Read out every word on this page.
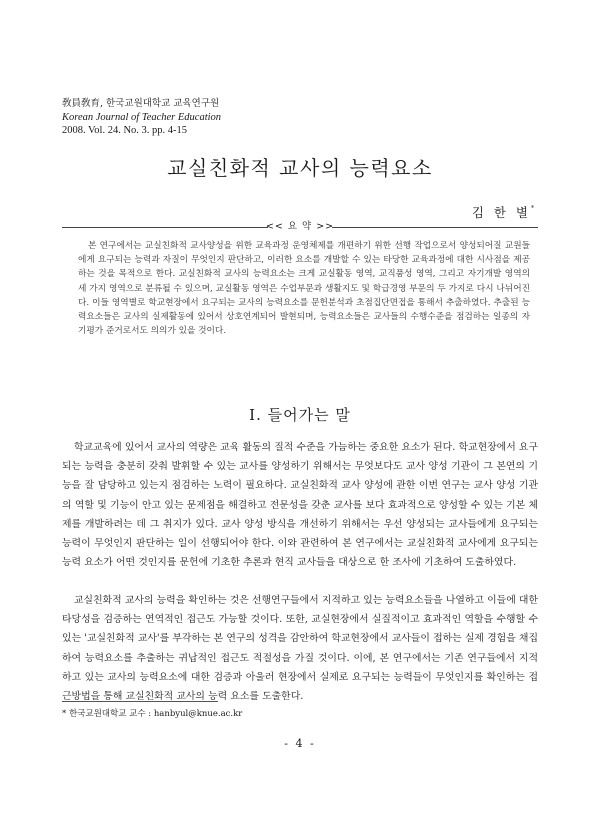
敎員敎育, 한국교원대학교 교육연구원
Korean Journal of Teacher Education
2008. Vol. 24. No. 3. pp. 4-15
교실친화적 교사의 능력요소
김 한 별*
<< 요 약 >>
본 연구에서는 교실친화적 교사양성을 위한 교육과정 운영체제를 개편하기 위한 선행 작업으로서 양성되어질 교원들에게 요구되는 능력과 자질이 무엇인지 판단하고, 이러한 요소를 개발할 수 있는 타당한 교육과정에 대한 시사점을 제공하는 것을 목적으로 한다. 교실친화적 교사의 능력요소는 크게 교실활동 영역, 교직품성 영역, 그리고 자기개발 영역의 세 가지 영역으로 분류될 수 있으며, 교실활동 영역은 수업부문과 생활지도 및 학급경영 부문의 두 가지로 다시 나뉘어진다. 이들 영역별로 학교현장에서 요구되는 교사의 능력요소를 문헌분석과 초점집단면접을 통해서 추출하였다. 추출된 능력요소들은 교사의 실제활동에 있어서 상호연계되어 발현되며, 능력요소들은 교사들의 수행수준을 점검하는 일종의 자기평가 준거로서도 의의가 있을 것이다.
Ⅰ. 들어가는 말
학교교육에 있어서 교사의 역량은 교육 활동의 질적 수준을 가늠하는 중요한 요소가 된다. 학교현장에서 요구되는 능력을 충분히 갖춰 발휘할 수 있는 교사를 양성하기 위해서는 무엇보다도 교사 양성 기관이 그 본연의 기능을 잘 담당하고 있는지 점검하는 노력이 필요하다. 교실친화적 교사 양성에 관한 이번 연구는 교사 양성 기관의 역할 및 기능이 안고 있는 문제점을 해결하고 전문성을 갖춘 교사를 보다 효과적으로 양성할 수 있는 기본 체제를 개발하려는 데 그 취지가 있다. 교사 양성 방식을 개선하기 위해서는 우선 양성되는 교사들에게 요구되는 능력이 무엇인지 판단하는 일이 선행되어야 한다. 이와 관련하여 본 연구에서는 교실친화적 교사에게 요구되는 능력 요소가 어떤 것인지를 문헌에 기초한 추론과 현직 교사들을 대상으로 한 조사에 기초하여 도출하였다.
교실친화적 교사의 능력을 확인하는 것은 선행연구들에서 지적하고 있는 능력요소들을 나열하고 이들에 대한 타당성을 검증하는 연역적인 접근도 가능할 것이다. 또한, 교실현장에서 실질적이고 효과적인 역할을 수행할 수 있는 '교실친화적 교사'를 부각하는 본 연구의 성격을 감안하여 학교현장에서 교사들이 접하는 실제 경험을 채집하여 능력요소를 추출하는 귀납적인 접근도 적절성을 가질 것이다. 이에, 본 연구에서는 기존 연구들에서 지적하고 있는 교사의 능력요소에 대한 검증과 아울러 현장에서 실제로 요구되는 능력들이 무엇인지를 확인하는 접근방법을 통해 교실친화적 교사의 능력 요소를 도출한다.
* 한국교원대학교 교수 : hanbyul@knue.ac.kr
- 4 -
